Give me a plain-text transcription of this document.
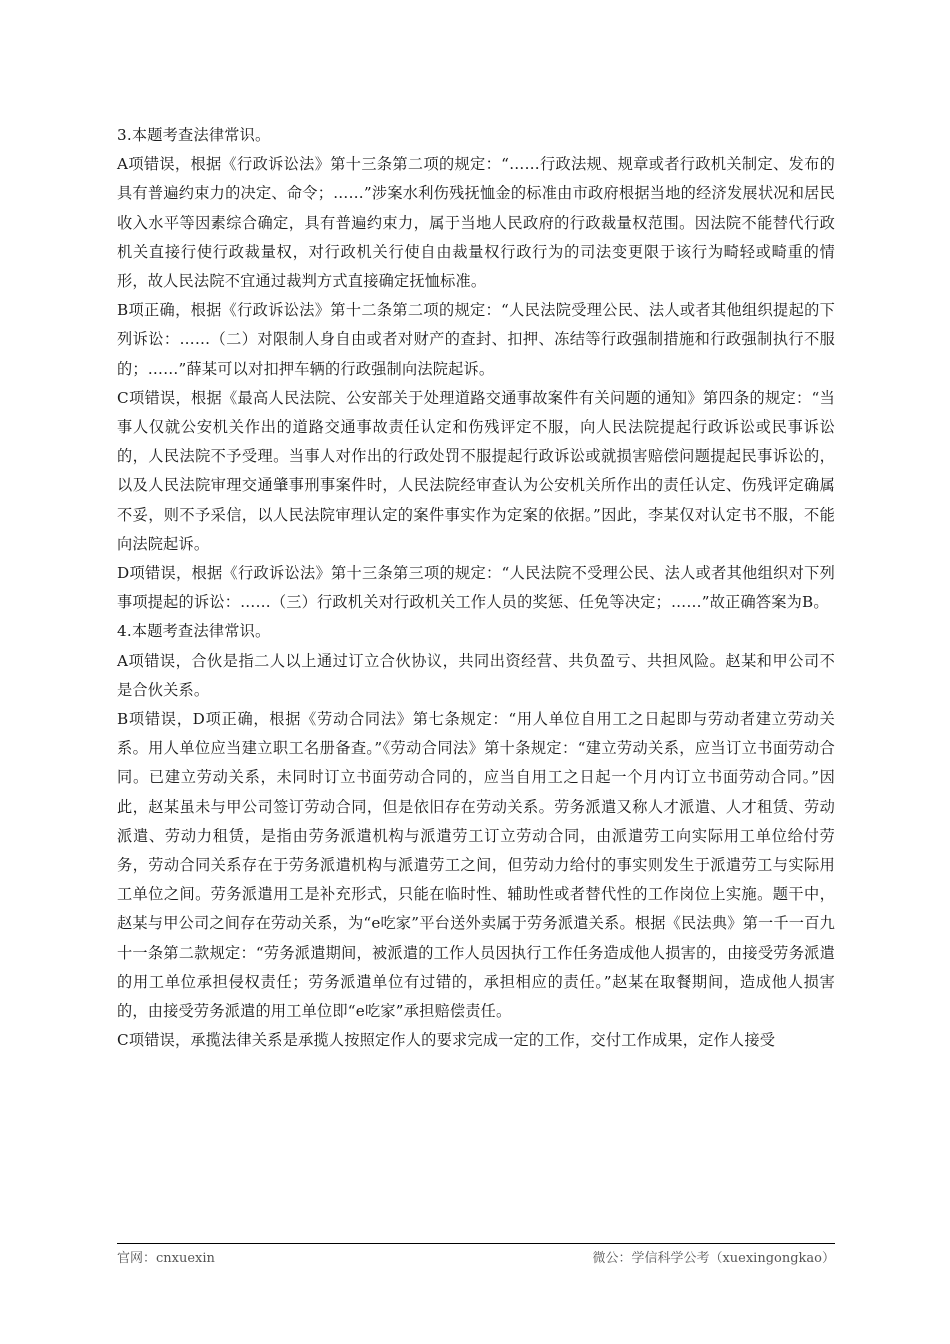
3.本题考查法律常识。

A项错误，根据《行政诉讼法》第十三条第二项的规定：“……行政法规、规章或者行政机关制定、发布的具有普遍约束力的决定、命令；……”涉案水利伤残抚恤金的标准由市政府根据当地的经济发展状况和居民收入水平等因素综合确定，具有普遍约束力，属于当地人民政府的行政裁量权范围。因法院不能替代行政机关直接行使行政裁量权，对行政机关行使自由裁量权行政行为的司法变更限于该行为畸轻或畸重的情形，故人民法院不宜通过裁判方式直接确定抚恤标准。

B项正确，根据《行政诉讼法》第十二条第二项的规定：“人民法院受理公民、法人或者其他组织提起的下列诉讼：……（二）对限制人身自由或者对财产的查封、扣押、冻结等行政强制措施和行政强制执行不服的；……”薛某可以对扣押车辆的行政强制向法院起诉。

C项错误，根据《最高人民法院、公安部关于处理道路交通事故案件有关问题的通知》第四条的规定：“当事人仅就公安机关作出的道路交通事故责任认定和伤残评定不服，向人民法院提起行政诉讼或民事诉讼的，人民法院不予受理。当事人对作出的行政处罚不服提起行政诉讼或就损害赔偿问题提起民事诉讼的，以及人民法院审理交通肇事刑事案件时，人民法院经审查认为公安机关所作出的责任认定、伤残评定确属不妥，则不予采信，以人民法院审理认定的案件事实作为定案的依据。”因此，李某仅对认定书不服，不能向法院起诉。

D项错误，根据《行政诉讼法》第十三条第三项的规定：“人民法院不受理公民、法人或者其他组织对下列事项提起的诉讼：……（三）行政机关对行政机关工作人员的奖惩、任免等决定；……”故正确答案为B。

4.本题考查法律常识。

A项错误，合伙是指二人以上通过订立合伙协议，共同出资经营、共负盈亏、共担风险。赵某和甲公司不是合伙关系。

B项错误，D项正确，根据《劳动合同法》第七条规定：“用人单位自用工之日起即与劳动者建立劳动关系。用人单位应当建立职工名册备查。”《劳动合同法》第十条规定：“建立劳动关系，应当订立书面劳动合同。已建立劳动关系，未同时订立书面劳动合同的，应当自用工之日起一个月内订立书面劳动合同。”因此，赵某虽未与甲公司签订劳动合同，但是依旧存在劳动关系。劳务派遣又称人才派遣、人才租赁、劳动派遣、劳动力租赁，是指由劳务派遣机构与派遣劳工订立劳动合同，由派遣劳工向实际用工单位给付劳务，劳动合同关系存在于劳务派遣机构与派遣劳工之间，但劳动力给付的事实则发生于派遣劳工与实际用工单位之间。劳务派遣用工是补充形式，只能在临时性、辅助性或者替代性的工作岗位上实施。题干中，赵某与甲公司之间存在劳动关系，为“e吃家”平台送外卖属于劳务派遣关系。根据《民法典》第一千一百九十一条第二款规定：“劳务派遣期间，被派遣的工作人员因执行工作任务造成他人损害的，由接受劳务派遣的用工单位承担侵权责任；劳务派遣单位有过错的，承担相应的责任。”赵某在取餐期间，造成他人损害的，由接受劳务派遣的用工单位即“e吃家”承担赔偿责任。

C项错误，承揽法律关系是承揽人按照定作人的要求完成一定的工作，交付工作成果，定作人接受

官网：cnxuexin	微公：学信科学公考（xuexingongkao）
